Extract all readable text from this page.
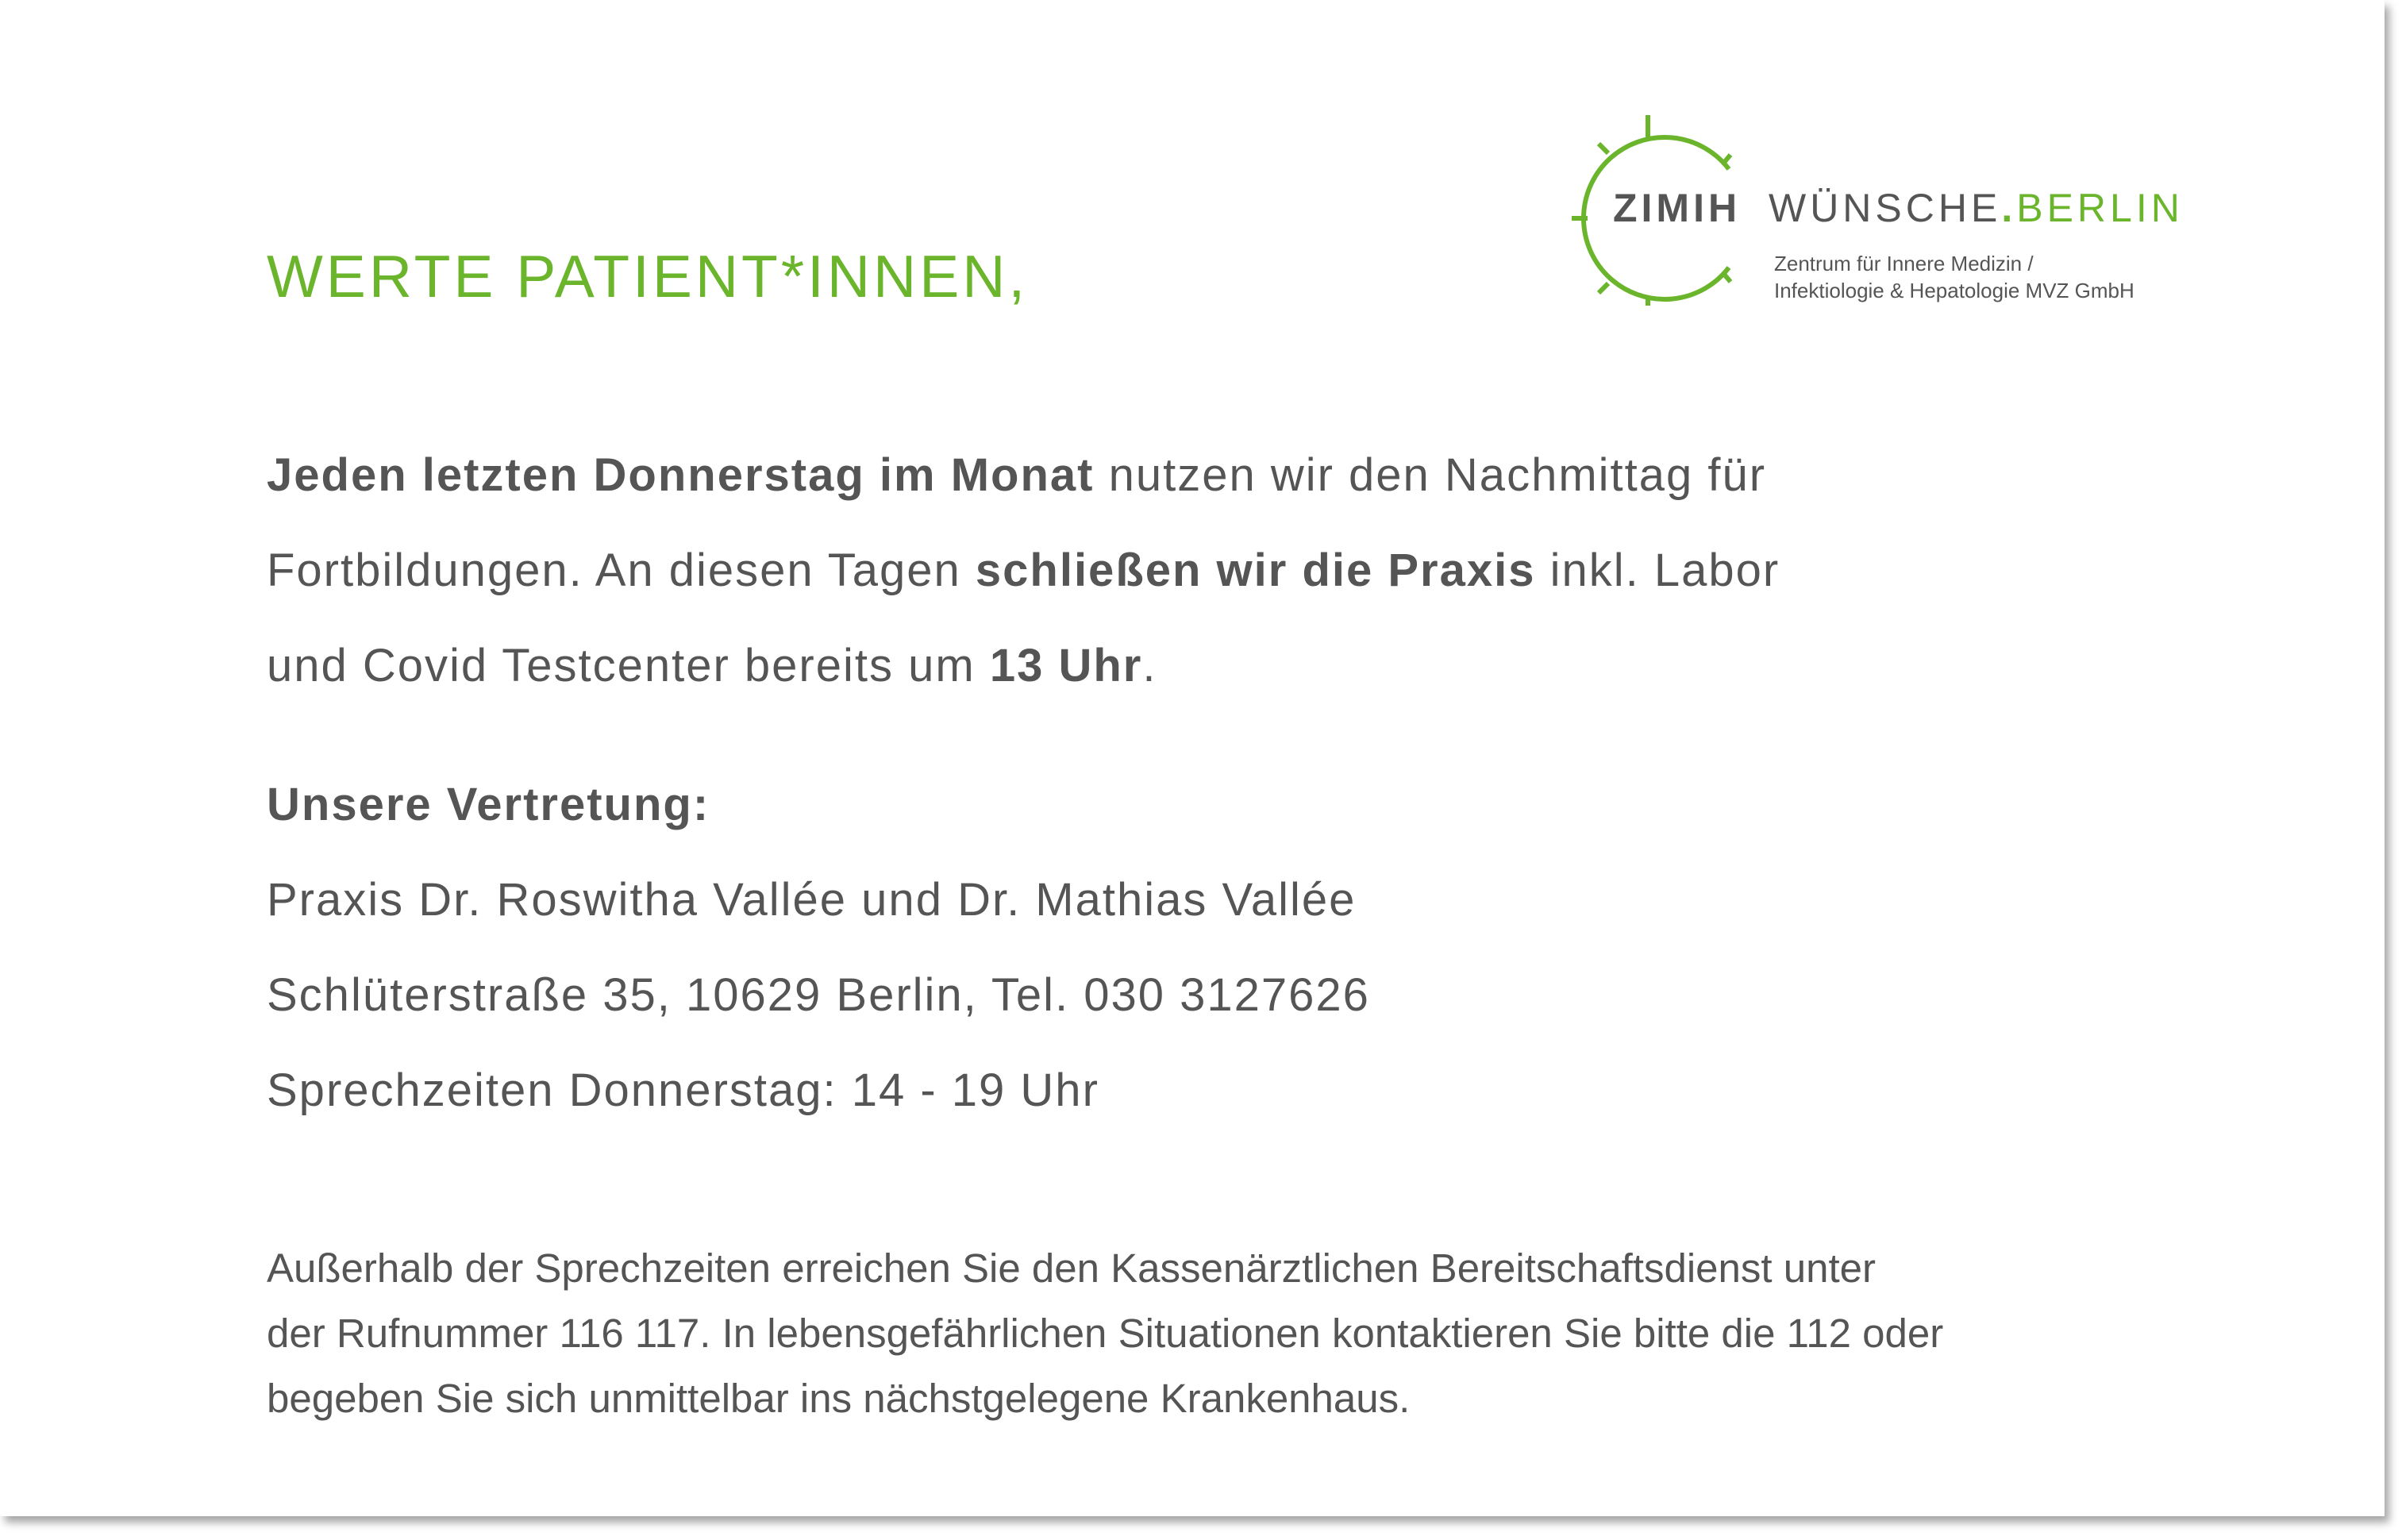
WERTE PATIENT*INNEN,
ZIMIH WÜNSCHE.BERLIN
Zentrum für Innere Medizin /
Infektiologie & Hepatologie MVZ GmbH
Jeden letzten Donnerstag im Monat nutzen wir den Nachmittag für
Fortbildungen. An diesen Tagen schließen wir die Praxis inkl. Labor
und Covid Testcenter bereits um 13 Uhr.
Unsere Vertretung:
Praxis Dr. Roswitha Vallée und Dr. Mathias Vallée
Schlüterstraße 35, 10629 Berlin, Tel. 030 3127626
Sprechzeiten Donnerstag: 14 - 19 Uhr
Außerhalb der Sprechzeiten erreichen Sie den Kassenärztlichen Bereitschaftsdienst unter
der Rufnummer 116 117. In lebensgefährlichen Situationen kontaktieren Sie bitte die 112 oder
begeben Sie sich unmittelbar ins nächstgelegene Krankenhaus.
